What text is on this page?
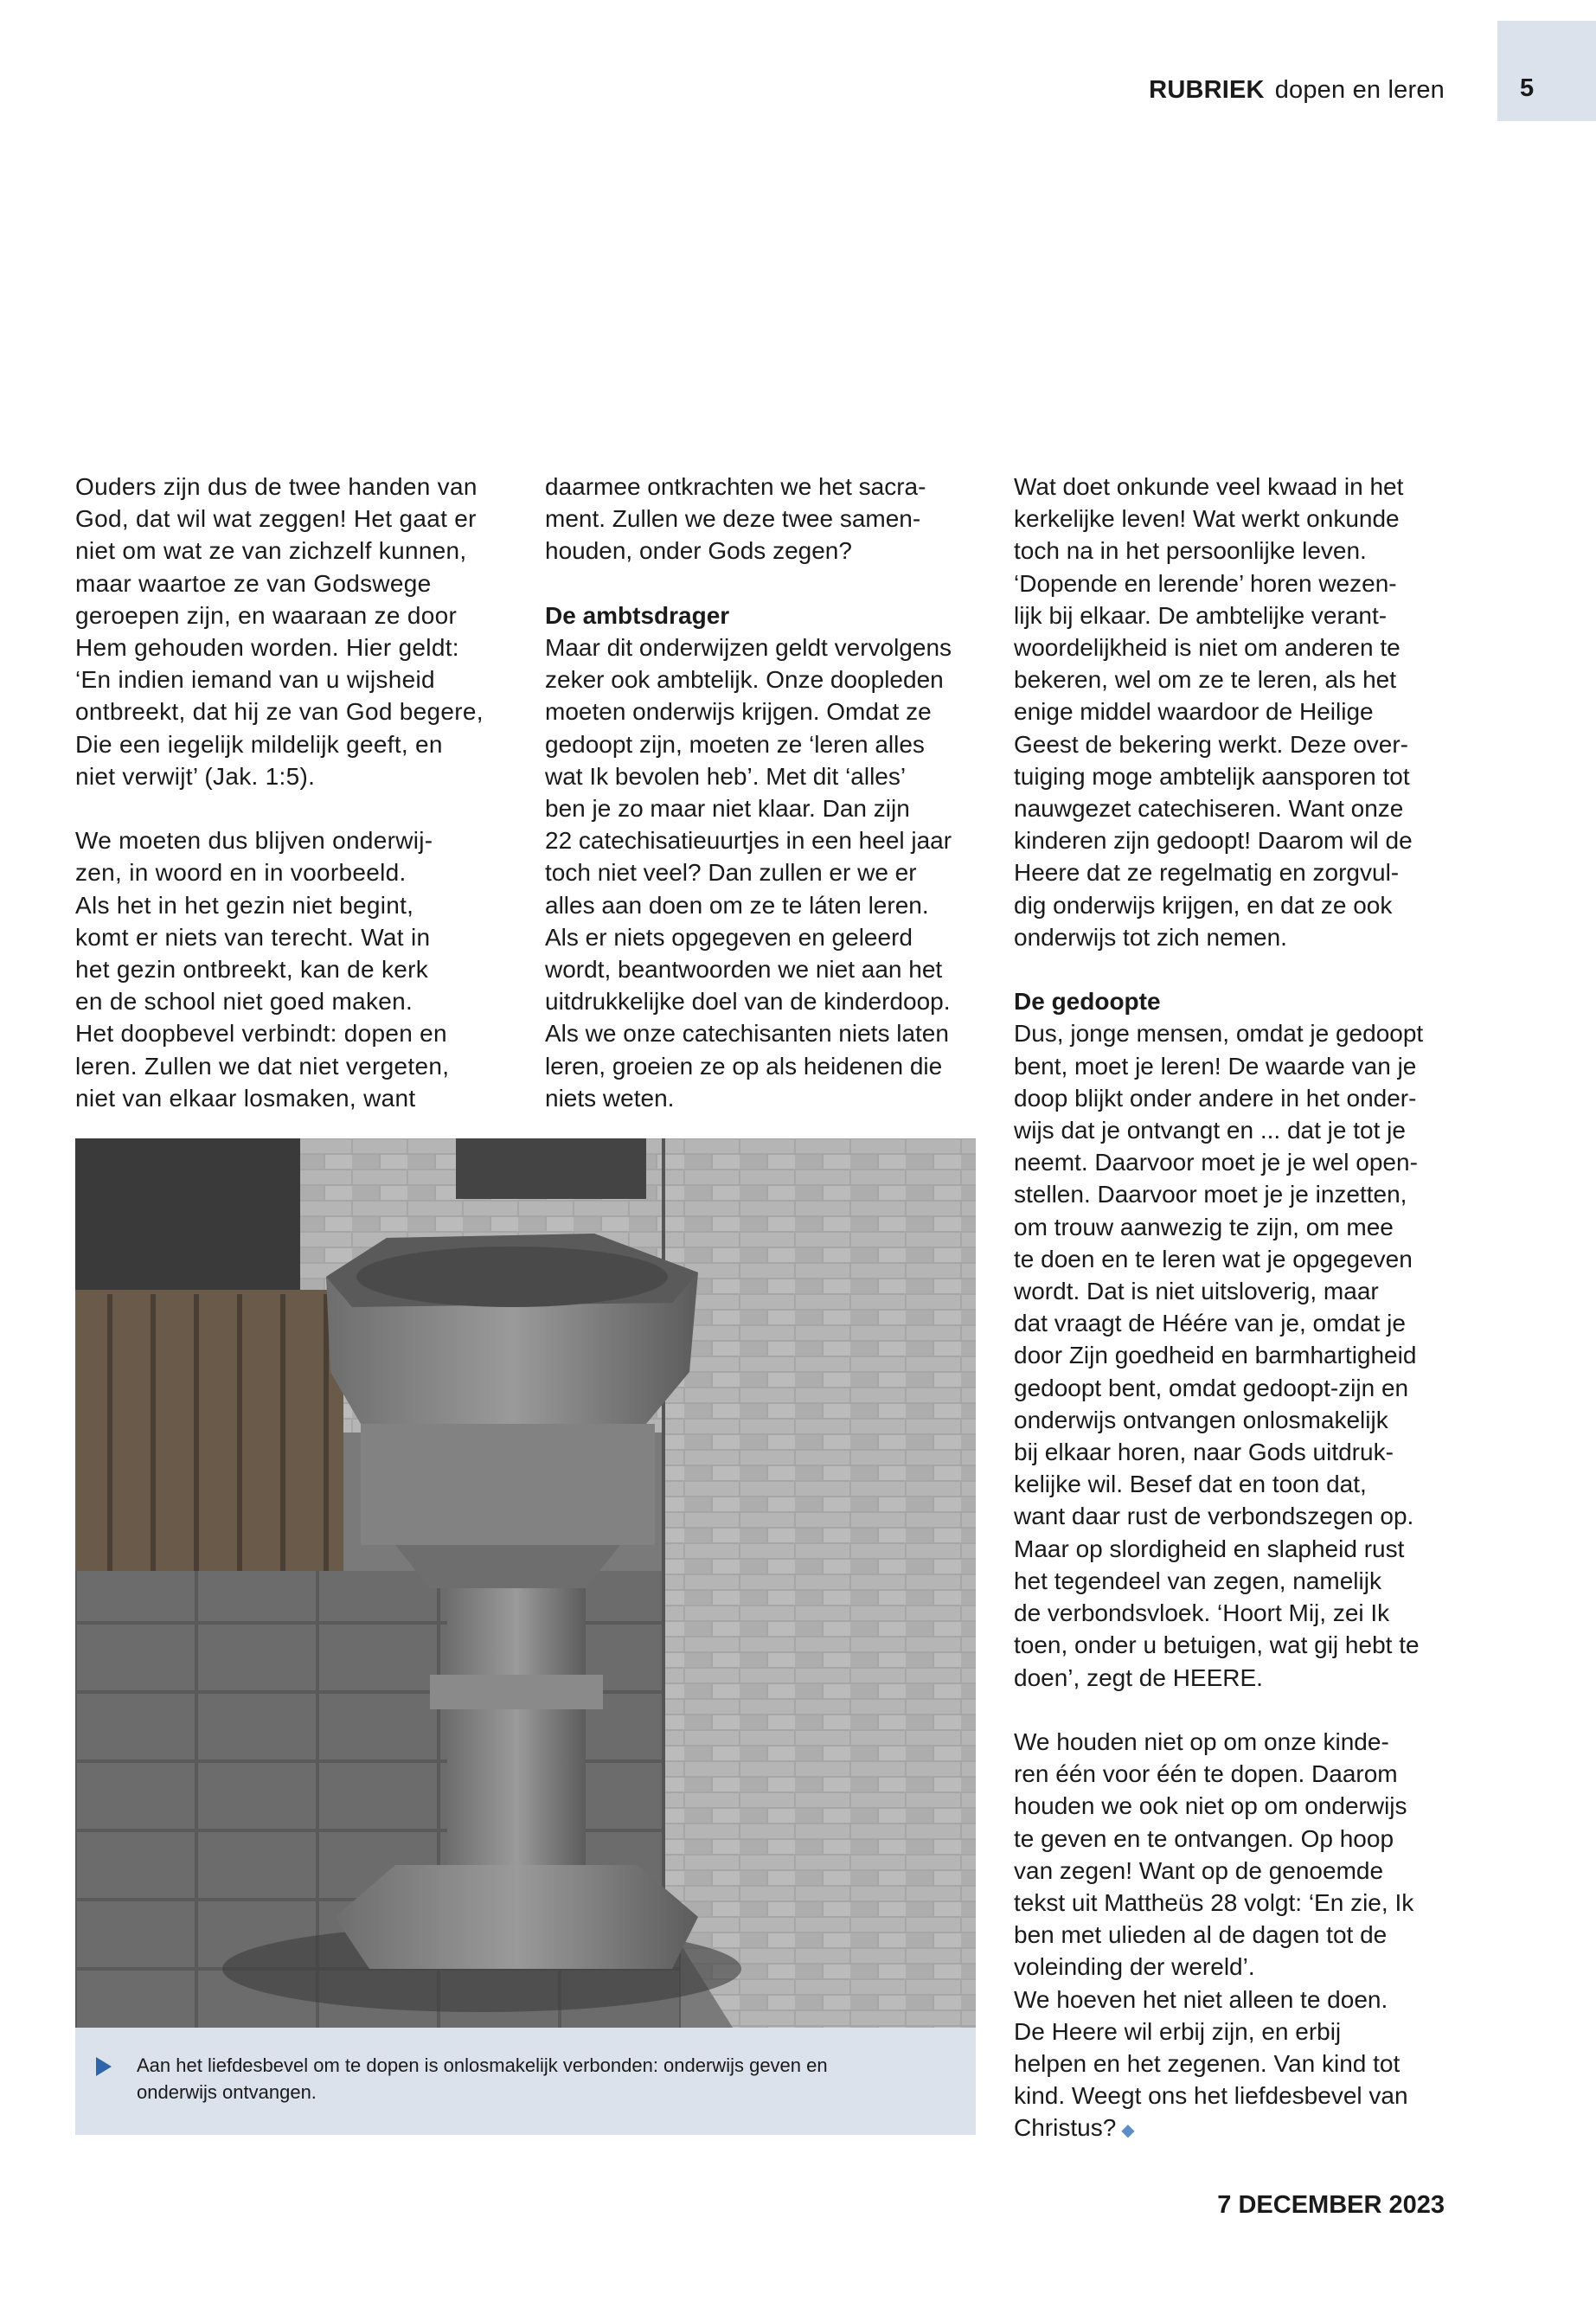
5
RUBRIEK dopen en leren

Ouders zijn dus de twee handen van

God, dat wil wat zeggen! Het gaat er

niet om wat ze van zichzelf kunnen,

maar waartoe ze van Godswege

geroepen zijn, en waaraan ze door

Hem gehouden worden. Hier geldt:

‘En indien iemand van u wijsheid

ontbreekt, dat hij ze van God begere,

Die een iegelijk mildelijk geeft, en

niet verwijt’ (Jak. 1:5).

We moeten dus blijven onderwij-

zen, in woord en in voorbeeld.

Als het in het gezin niet begint,

komt er niets van terecht. Wat in

het gezin ontbreekt, kan de kerk

en de school niet goed maken.

Het doopbevel verbindt: dopen en

leren. Zullen we dat niet vergeten,

niet van elkaar losmaken, want

daarmee ontkrachten we het sacra-

ment. Zullen we deze twee samen-

houden, onder Gods zegen?

De ambtsdrager

Maar dit onderwijzen geldt vervolgens

zeker ook ambtelijk. Onze doopleden

moeten onderwijs krijgen. Omdat ze

gedoopt zijn, moeten ze ‘leren alles

wat Ik bevolen heb’. Met dit ‘alles’

ben je zo maar niet klaar. Dan zijn

22 catechisatieuurtjes in een heel jaar

toch niet veel? Dan zullen er we er

alles aan doen om ze te láten leren.

Als er niets opgegeven en geleerd

wordt, beantwoorden we niet aan het

uitdrukkelijke doel van de kinderdoop.

Als we onze catechisanten niets laten

leren, groeien ze op als heidenen die

niets weten.

Wat doet onkunde veel kwaad in het

kerkelijke leven! Wat werkt onkunde

toch na in het persoonlijke leven.

‘Dopende en lerende’ horen wezen-

lijk bij elkaar. De ambtelijke verant-

woordelijkheid is niet om anderen te

bekeren, wel om ze te leren, als het

enige middel waardoor de Heilige

Geest de bekering werkt. Deze over-

tuiging moge ambtelijk aansporen tot

nauwgezet catechiseren. Want onze

kinderen zijn gedoopt! Daarom wil de

Heere dat ze regelmatig en zorgvul-

dig onderwijs krijgen, en dat ze ook

onderwijs tot zich nemen.

De gedoopte

Dus, jonge mensen, omdat je gedoopt

bent, moet je leren! De waarde van je

doop blijkt onder andere in het onder-

wijs dat je ontvangt en ... dat je tot je

neemt. Daarvoor moet je je wel open-

stellen. Daarvoor moet je je inzetten,

om trouw aanwezig te zijn, om mee

te doen en te leren wat je opgegeven

wordt. Dat is niet uitsloverig, maar

dat vraagt de Héére van je, omdat je

door Zijn goedheid en barmhartigheid

gedoopt bent, omdat gedoopt-zijn en

onderwijs ontvangen onlosmakelijk

bij elkaar horen, naar Gods uitdruk-

kelijke wil. Besef dat en toon dat,

want daar rust de verbondszegen op.

Maar op slordigheid en slapheid rust

het tegendeel van zegen, namelijk

de verbondsvloek. ‘Hoort Mij, zei Ik

toen, onder u betuigen, wat gij hebt te

doen’, zegt de HEERE.

We houden niet op om onze kinde-

ren één voor één te dopen. Daarom

houden we ook niet op om onderwijs

te geven en te ontvangen. Op hoop

van zegen! Want op de genoemde

tekst uit Mattheüs 28 volgt: ‘En zie, Ik

ben met ulieden al de dagen tot de

voleinding der wereld’.

We hoeven het niet alleen te doen.

De Heere wil erbij zijn, en erbij

helpen en het zegenen. Van kind tot

kind. Weegt ons het liefdesbevel van

Christus? ◆

Aan het liefdesbevel om te dopen is onlosmakelijk verbonden: onderwijs geven en

onderwijs ontvangen.

7 DECEMBER 2023
